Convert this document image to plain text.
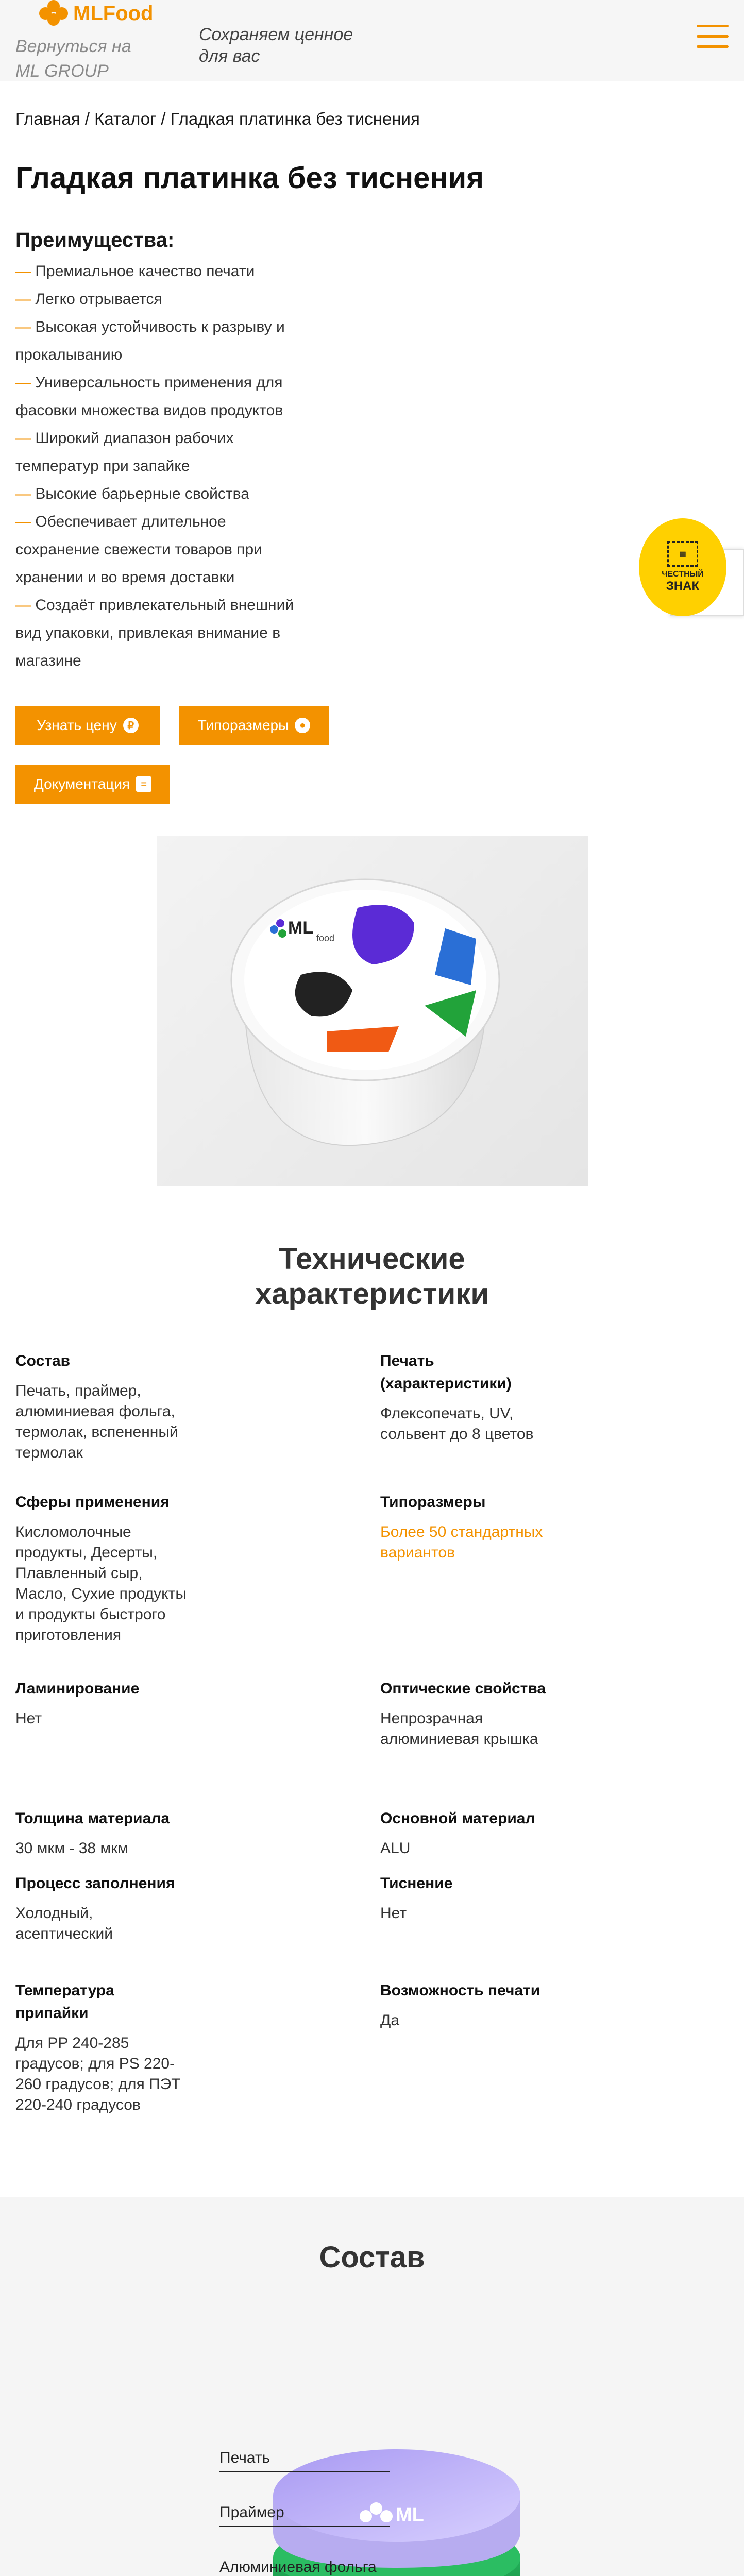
MLFood
Вернуться на ML GROUP
Сохраняем ценное для вас
Главная / Каталог / Гладкая платинка без тиснения
Гладкая платинка без тиснения
Преимущества:
— Премиальное качество печати
— Легко отрывается
— Высокая устойчивость к разрыву и прокалыванию
— Универсальность применения для фасовки множества видов продуктов
— Широкий диапазон рабочих температур при запайке
— Высокие барьерные свойства
— Обеспечивает длительное сохранение свежести товаров при хранении и во время доставки
— Создаёт привлекательный внешний вид упаковки, привлекая внимание в магазине
▦
ЧЕСТНЫЙ
ЗНАК
Узнать цену	₽	Типоразмеры	●
Документация	≡
ML
food
Технические характеристики
Состав
Печать, праймер, алюминиевая фольга, термолак, вспененный термолак
Печать (характеристики)
Флексопечать, UV, сольвент до 8 цветов
Сферы применения
Кисломолочные продукты, Десерты, Плавленный сыр, Масло, Сухие продукты и продукты быстрого приготовления
Типоразмеры
Более 50 стандартных вариантов
Ламинирование
Нет
Оптические свойства
Непрозрачная алюминиевая крышка
Толщина материала
30 мкм - 38 мкм
Основной материал
ALU
Процесс заполнения
Холодный, асептический
Тиснение
Нет
Температура припайки
Для PP 240-285 градусов; для PS 220-260 градусов; для ПЭТ 220-240 градусов
Возможность печати
Да
Состав
ML
Печать
Праймер
Алюминиевая фольга
